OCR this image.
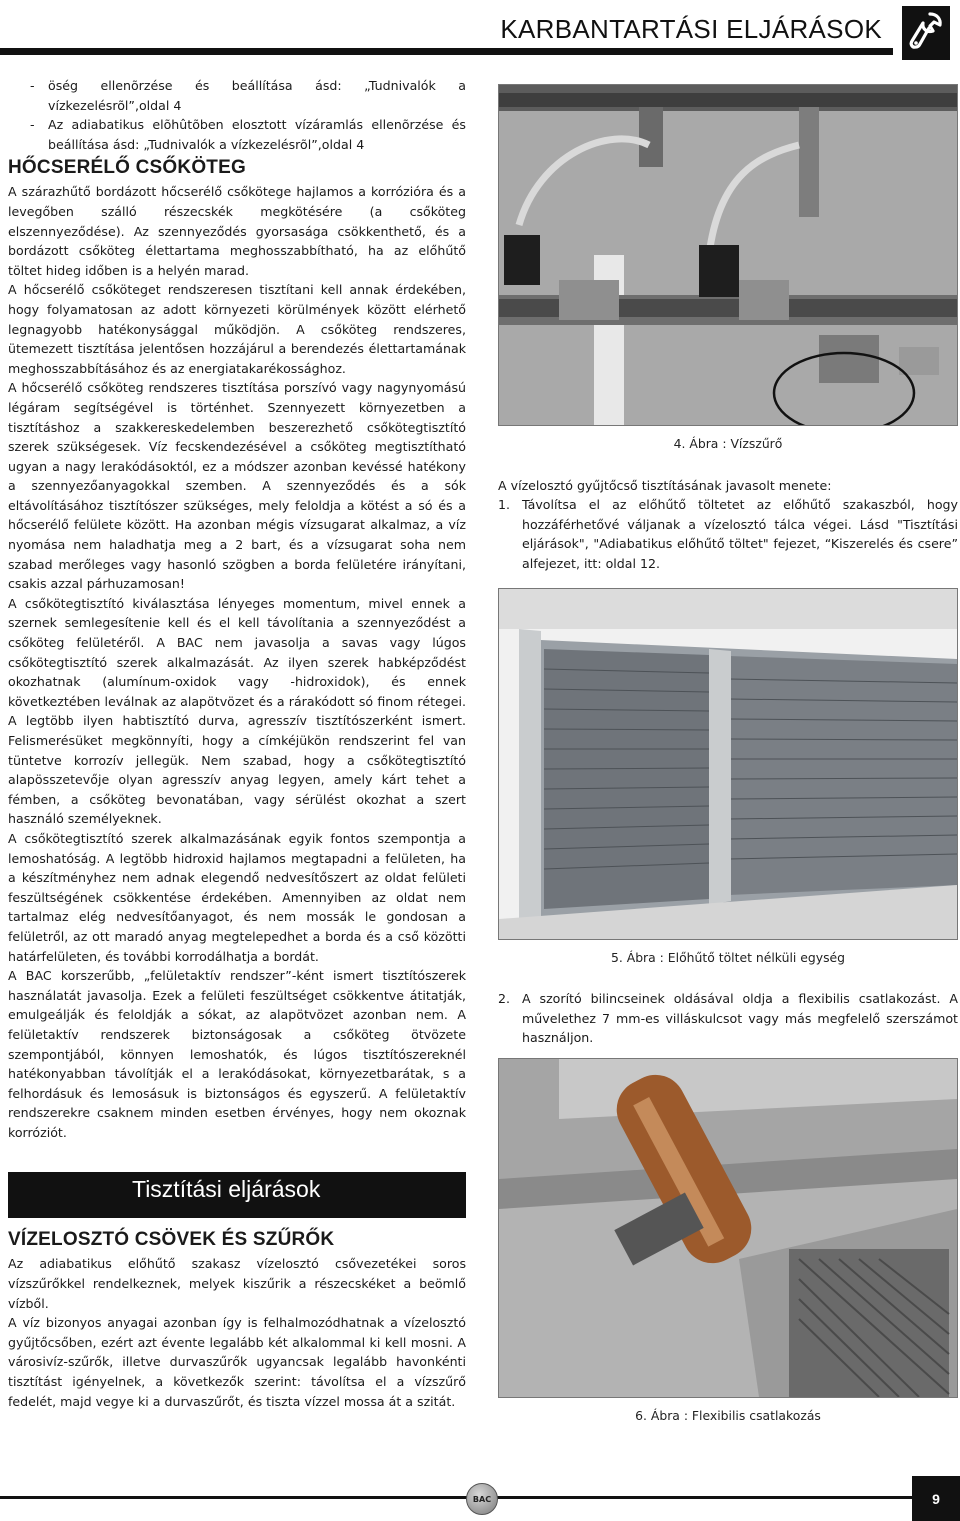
KARBANTARTÁSI ELJÁRÁSOK
- öség ellenõrzése és beállítása ásd: „Tudnivalók a vízkezelésrõl”,oldal 4
- Az adiabatikus elõhûtõben elosztott vízáramlás ellenõrzése és beállítása ásd: „Tudnivalók a vízkezelésrõl”,oldal 4
HŐCSERÉLŐ CSŐKÖTEG

A szárazhűtő bordázott hőcserélő csőkötege hajlamos a korrózióra és a levegőben szálló részecskék megkötésére (a csőköteg elszennyeződése). Az szennyeződés gyorsasága csökkenthető, és a bordázott csőköteg élettartama meghosszabbítható, ha az előhűtő töltet hideg időben is a helyén marad.

A hőcserélő csőköteget rendszeresen tisztítani kell annak érdekében, hogy folyamatosan az adott környezeti körülmények között elérhető legnagyobb hatékonysággal működjön. A csőköteg rendszeres, ütemezett tisztítása jelentősen hozzájárul a berendezés élettartamának meghosszabbításához és az energiatakarékossághoz.

A hőcserélő csőköteg rendszeres tisztítása porszívó vagy nagynyomású légáram segítségével is történhet. Szennyezett környezetben a tisztításhoz a szakkereskedelemben beszerezhető csőkötegtisztító szerek szükségesek. Víz fecskendezésével a csőköteg megtisztítható ugyan a nagy lerakódásoktól, ez a módszer azonban kevéssé hatékony a szennyezőanyagokkal szemben. A szennyeződés és a sók eltávolításához tisztítószer szükséges, mely feloldja a kötést a só és a hőcserélő felülete között. Ha azonban mégis vízsugarat alkalmaz, a víz nyomása nem haladhatja meg a 2 bart, és a vízsugarat soha nem szabad merőleges vagy hasonló szögben a borda felületére irányítani, csakis azzal párhuzamosan!

A csőkötegtisztító kiválasztása lényeges momentum, mivel ennek a szernek semlegesítenie kell és el kell távolítania a szennyeződést a csőköteg felületéről. A BAC nem javasolja a savas vagy lúgos csőkötegtisztító szerek alkalmazását. Az ilyen szerek habképződést okozhatnak (alumínum-oxidok vagy -hidroxidok), és ennek következtében leválnak az alapötvözet és a rárakódott só finom rétegei. A legtöbb ilyen habtisztító durva, agresszív tisztítószerként ismert. Felismerésüket megkönnyíti, hogy a címkéjükön rendszerint fel van tüntetve korrozív jellegük. Nem szabad, hogy a csőkötegtisztító alapösszetevője olyan agresszív anyag legyen, amely kárt tehet a fémben, a csőköteg bevonatában, vagy sérülést okozhat a szert használó személyeknek.

A csőkötegtisztító szerek alkalmazásának egyik fontos szempontja a lemoshatóság. A legtöbb hidroxid hajlamos megtapadni a felületen, ha a készítményhez nem adnak elegendő nedvesítőszert az oldat felületi feszültségének csökkentése érdekében. Amennyiben az oldat nem tartalmaz elég nedvesítőanyagot, és nem mossák le gondosan a felületről, az ott maradó anyag megtelepedhet a borda és a cső közötti határfelületen, és további korrodálhatja a bordát.

A BAC korszerűbb, „felületaktív rendszer”-ként ismert tisztítószerek használatát javasolja. Ezek a felületi feszültséget csökkentve átitatják, emulgeálják és feloldják a sókat, az alapötvözet azonban nem. A felületaktív rendszerek biztonságosak a csőköteg ötvözete szempontjából, könnyen lemoshatók, és lúgos tisztítószereknél hatékonyabban távolítják el a lerakódásokat, környezetbarátak, s a felhordásuk és lemosásuk is biztonságos és egyszerű. A felületaktív rendszerekre csaknem minden esetben érvényes, hogy nem okoznak korróziót.

Tisztítási eljárások
VÍZELOSZTÓ CSÖVEK ÉS SZŰRŐK

Az adiabatikus előhűtő szakasz vízelosztó csővezetékei soros vízszűrőkkel rendelkeznek, melyek kiszűrik a részecskéket a beömlő vízből.

A víz bizonyos anyagai azonban így is felhalmozódhatnak a vízelosztó gyűjtőcsőben, ezért azt évente legalább két alkalommal ki kell mosni. A városivíz-szűrők, illetve durvaszűrők ugyancsak legalább havonkénti tisztítást igényelnek, a következők szerint: távolítsa el a vízszűrő fedelét, majd vegye ki a durvaszűrőt, és tiszta vízzel mossa át a szitát.

4. Ábra : Vízszűrő

A vízelosztó gyűjtőcső tisztításának javasolt menete:

1. Távolítsa el az előhűtő töltetet az előhűtő szakaszból, hogy hozzáférhetővé váljanak a vízelosztó tálca végei. Lásd "Tisztítási eljárások", "Adiabatikus előhűtő töltet" fejezet, “Kiszerelés és csere” alfejezet, itt: oldal 12.
5. Ábra : Előhűtő töltet nélküli egység
2. A szorító bilincseinek oldásával oldja a flexibilis csatlakozást. A művelethez 7 mm-es villáskulcsot vagy más megfelelő szerszámot használjon.
6. Ábra : Flexibilis csatlakozás
BAC	9
